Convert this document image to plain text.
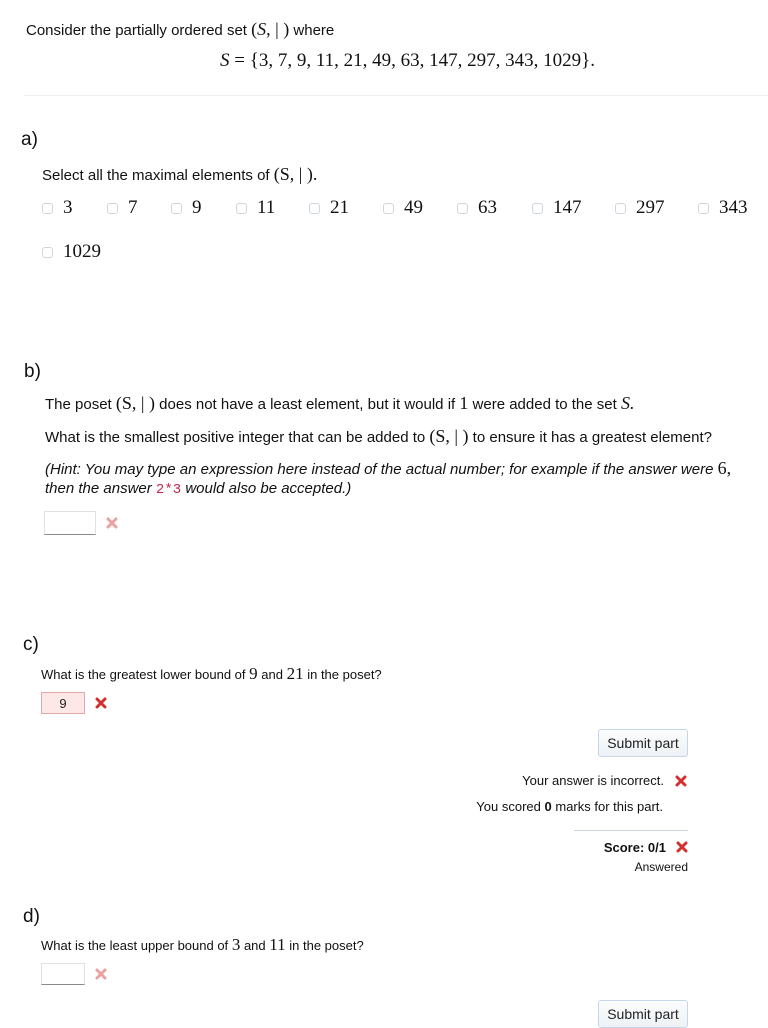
Consider the partially ordered set (S, | ) where
S = {3, 7, 9, 11, 21, 49, 63, 147, 297, 343, 1029}.
a)
Select all the maximal elements of (S, | ).
3	7	9	11	21	49	63	147	297	343
1029
b)
The poset (S, | ) does not have a least element, but it would if 1 were added to the set S.
What is the smallest positive integer that can be added to (S, | ) to ensure it has a greatest element?
(Hint: You may type an expression here instead of the actual number; for example if the answer were 6,
then the answer 2*3 would also be accepted.)
c)
What is the greatest lower bound of 9 and 21 in the poset?
9
Submit part
Your answer is incorrect.
You scored 0 marks for this part.
Score: 0/1
Answered
d)
What is the least upper bound of 3 and 11 in the poset?
Submit part
